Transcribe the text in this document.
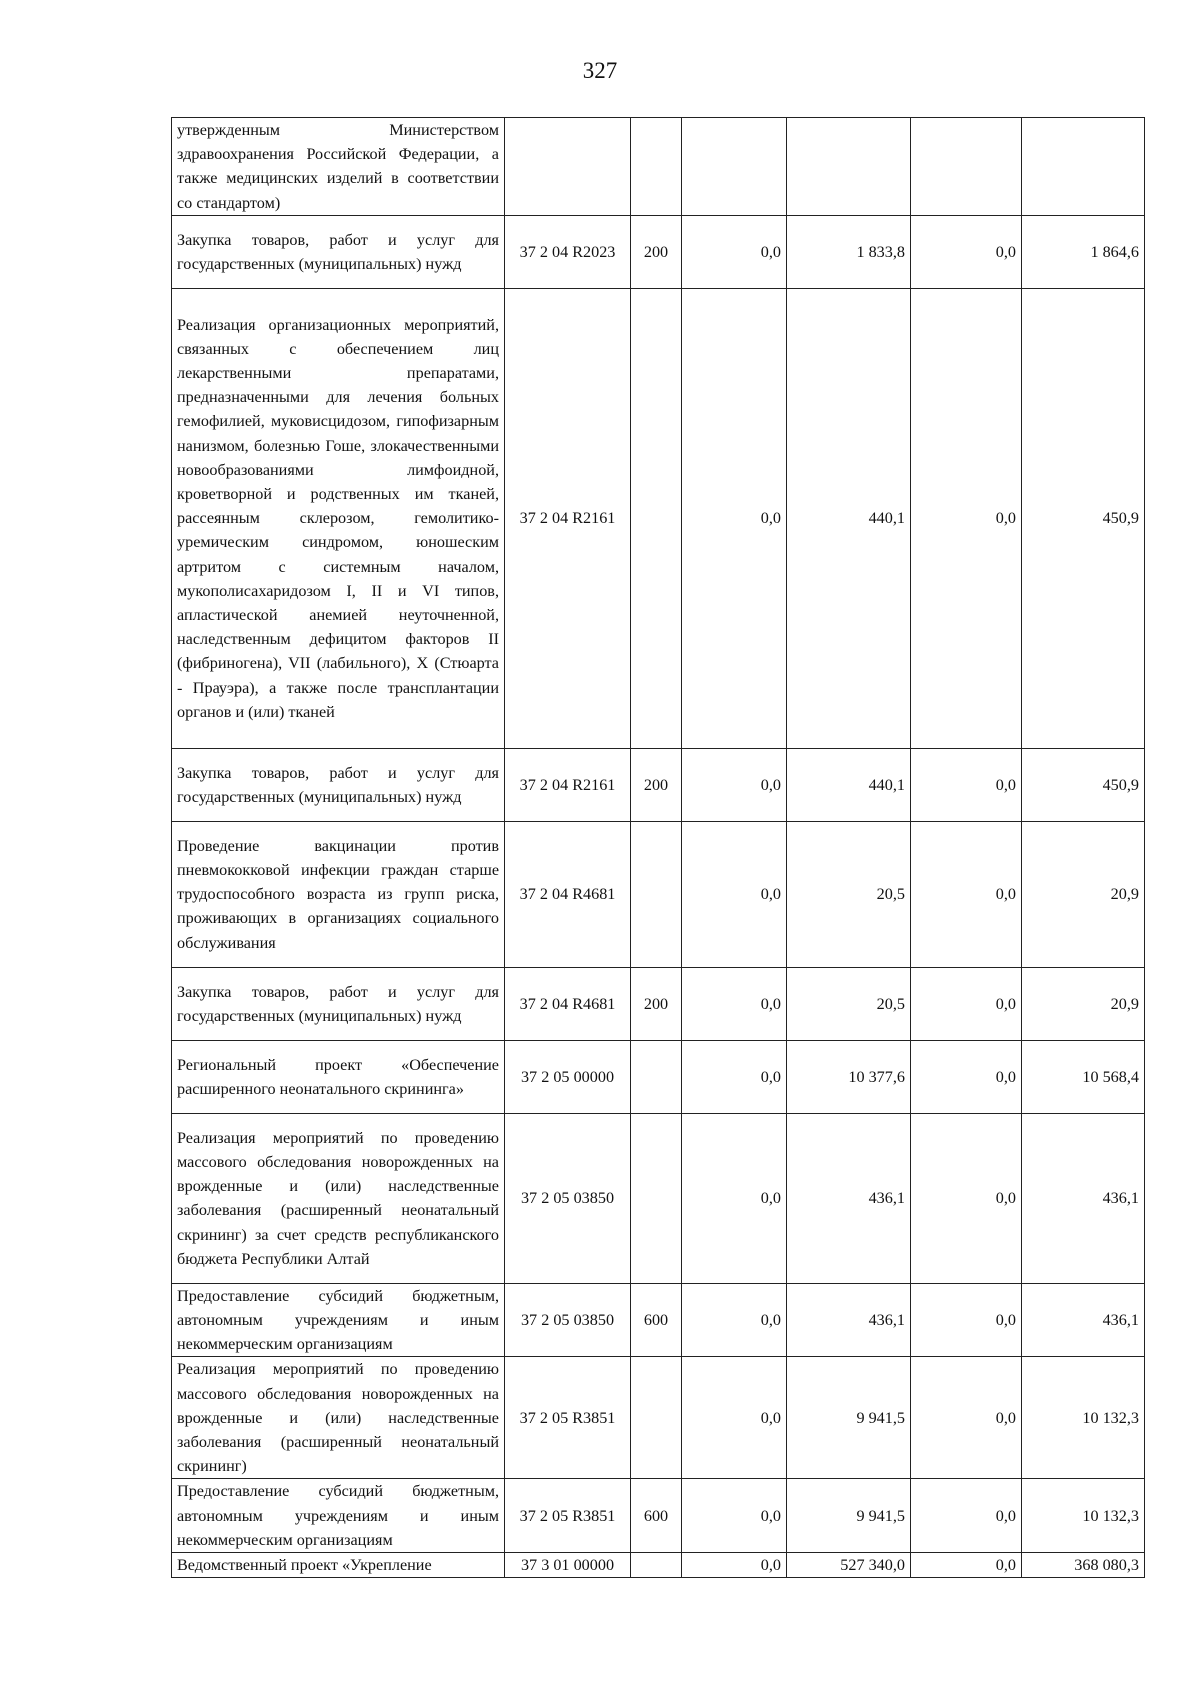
327
утвержденным Министерством здравоохранения Российской Федерации, а также медицинских изделий в соответствии со стандартом)						
Закупка товаров, работ и услуг для государственных (муниципальных) нужд	37 2 04 R2023	200	0,0	1 833,8	0,0	1 864,6
Реализация организационных мероприятий, связанных с обеспечением лиц лекарственными препаратами, предназначенными для лечения больных гемофилией, муковисцидозом, гипофизарным нанизмом, болезнью Гоше, злокачественными новообразованиями лимфоидной, кроветворной и родственных им тканей, рассеянным склерозом, гемолитико-уремическим синдромом, юношеским артритом с системным началом, мукополисахаридозом I, II и VI типов, апластической анемией неуточненной, наследственным дефицитом факторов II (фибриногена), VII (лабильного), X (Стюарта - Прауэра), а также после трансплантации органов и (или) тканей	37 2 04 R2161		0,0	440,1	0,0	450,9
Закупка товаров, работ и услуг для государственных (муниципальных) нужд	37 2 04 R2161	200	0,0	440,1	0,0	450,9
Проведение вакцинации против пневмококковой инфекции граждан старше трудоспособного возраста из групп риска, проживающих в организациях социального обслуживания	37 2 04 R4681		0,0	20,5	0,0	20,9
Закупка товаров, работ и услуг для государственных (муниципальных) нужд	37 2 04 R4681	200	0,0	20,5	0,0	20,9
Региональный проект «Обеспечение расширенного неонатального скрининга»	37 2 05 00000		0,0	10 377,6	0,0	10 568,4
Реализация мероприятий по проведению массового обследования новорожденных на врожденные и (или) наследственные заболевания (расширенный неонатальный скрининг) за счет средств республиканского бюджета Республики Алтай	37 2 05 03850		0,0	436,1	0,0	436,1
Предоставление субсидий бюджетным, автономным учреждениям и иным некоммерческим организациям	37 2 05 03850	600	0,0	436,1	0,0	436,1
Реализация мероприятий по проведению массового обследования новорожденных на врожденные и (или) наследственные заболевания (расширенный неонатальный скрининг)	37 2 05 R3851		0,0	9 941,5	0,0	10 132,3
Предоставление субсидий бюджетным, автономным учреждениям и иным некоммерческим организациям	37 2 05 R3851	600	0,0	9 941,5	0,0	10 132,3
Ведомственный проект «Укрепление	37 3 01 00000		0,0	527 340,0	0,0	368 080,3
